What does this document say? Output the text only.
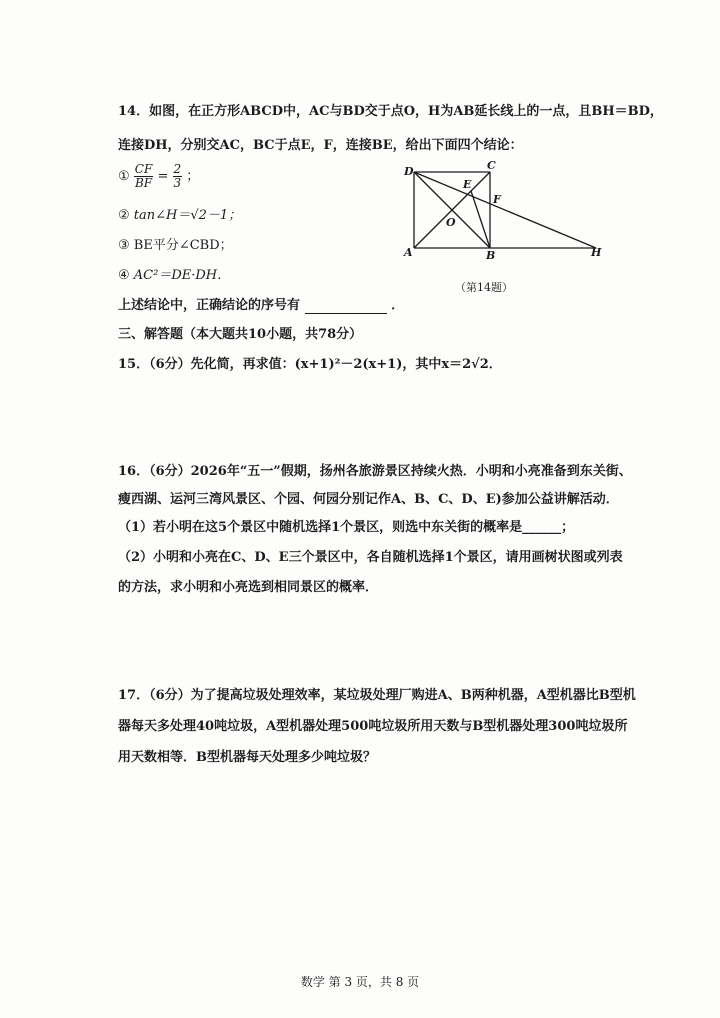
14．如图，在正方形ABCD中，AC与BD交于点O，H为AB延长线上的一点，且BH＝BD，
连接DH，分别交AC，BC于点E，F，连接BE，给出下面四个结论：
① $\frac{CF}{BF} = \frac{2}{3}$ ；
② tan∠H＝√2－1；
③ BE平分∠CBD；
④ AC²＝DE·DH．
上述结论中，正确结论的序号有	．
D	C
E
F
O
A	B	H
（第14题）
三、解答题（本大题共10小题，共78分）
15．（6分）先化简，再求值：(x+1)²－2(x+1)，其中x＝2√2．
16．（6分）2026年“五一”假期，扬州各旅游景区持续火热．小明和小亮准备到东关街、
瘦西湖、运河三湾风景区、个园、何园分别记作A、B、C、D、E)参加公益讲解活动．
（1）若小明在这5个景区中随机选择1个景区，则选中东关街的概率是______；
（2）小明和小亮在C、D、E三个景区中，各自随机选择1个景区，请用画树状图或列表
的方法，求小明和小亮选到相同景区的概率．
17．（6分）为了提高垃圾处理效率，某垃圾处理厂购进A、B两种机器，A型机器比B型机
器每天多处理40吨垃圾，A型机器处理500吨垃圾所用天数与B型机器处理300吨垃圾所
用天数相等．B型机器每天处理多少吨垃圾？
数学 第 3 页，共 8 页
